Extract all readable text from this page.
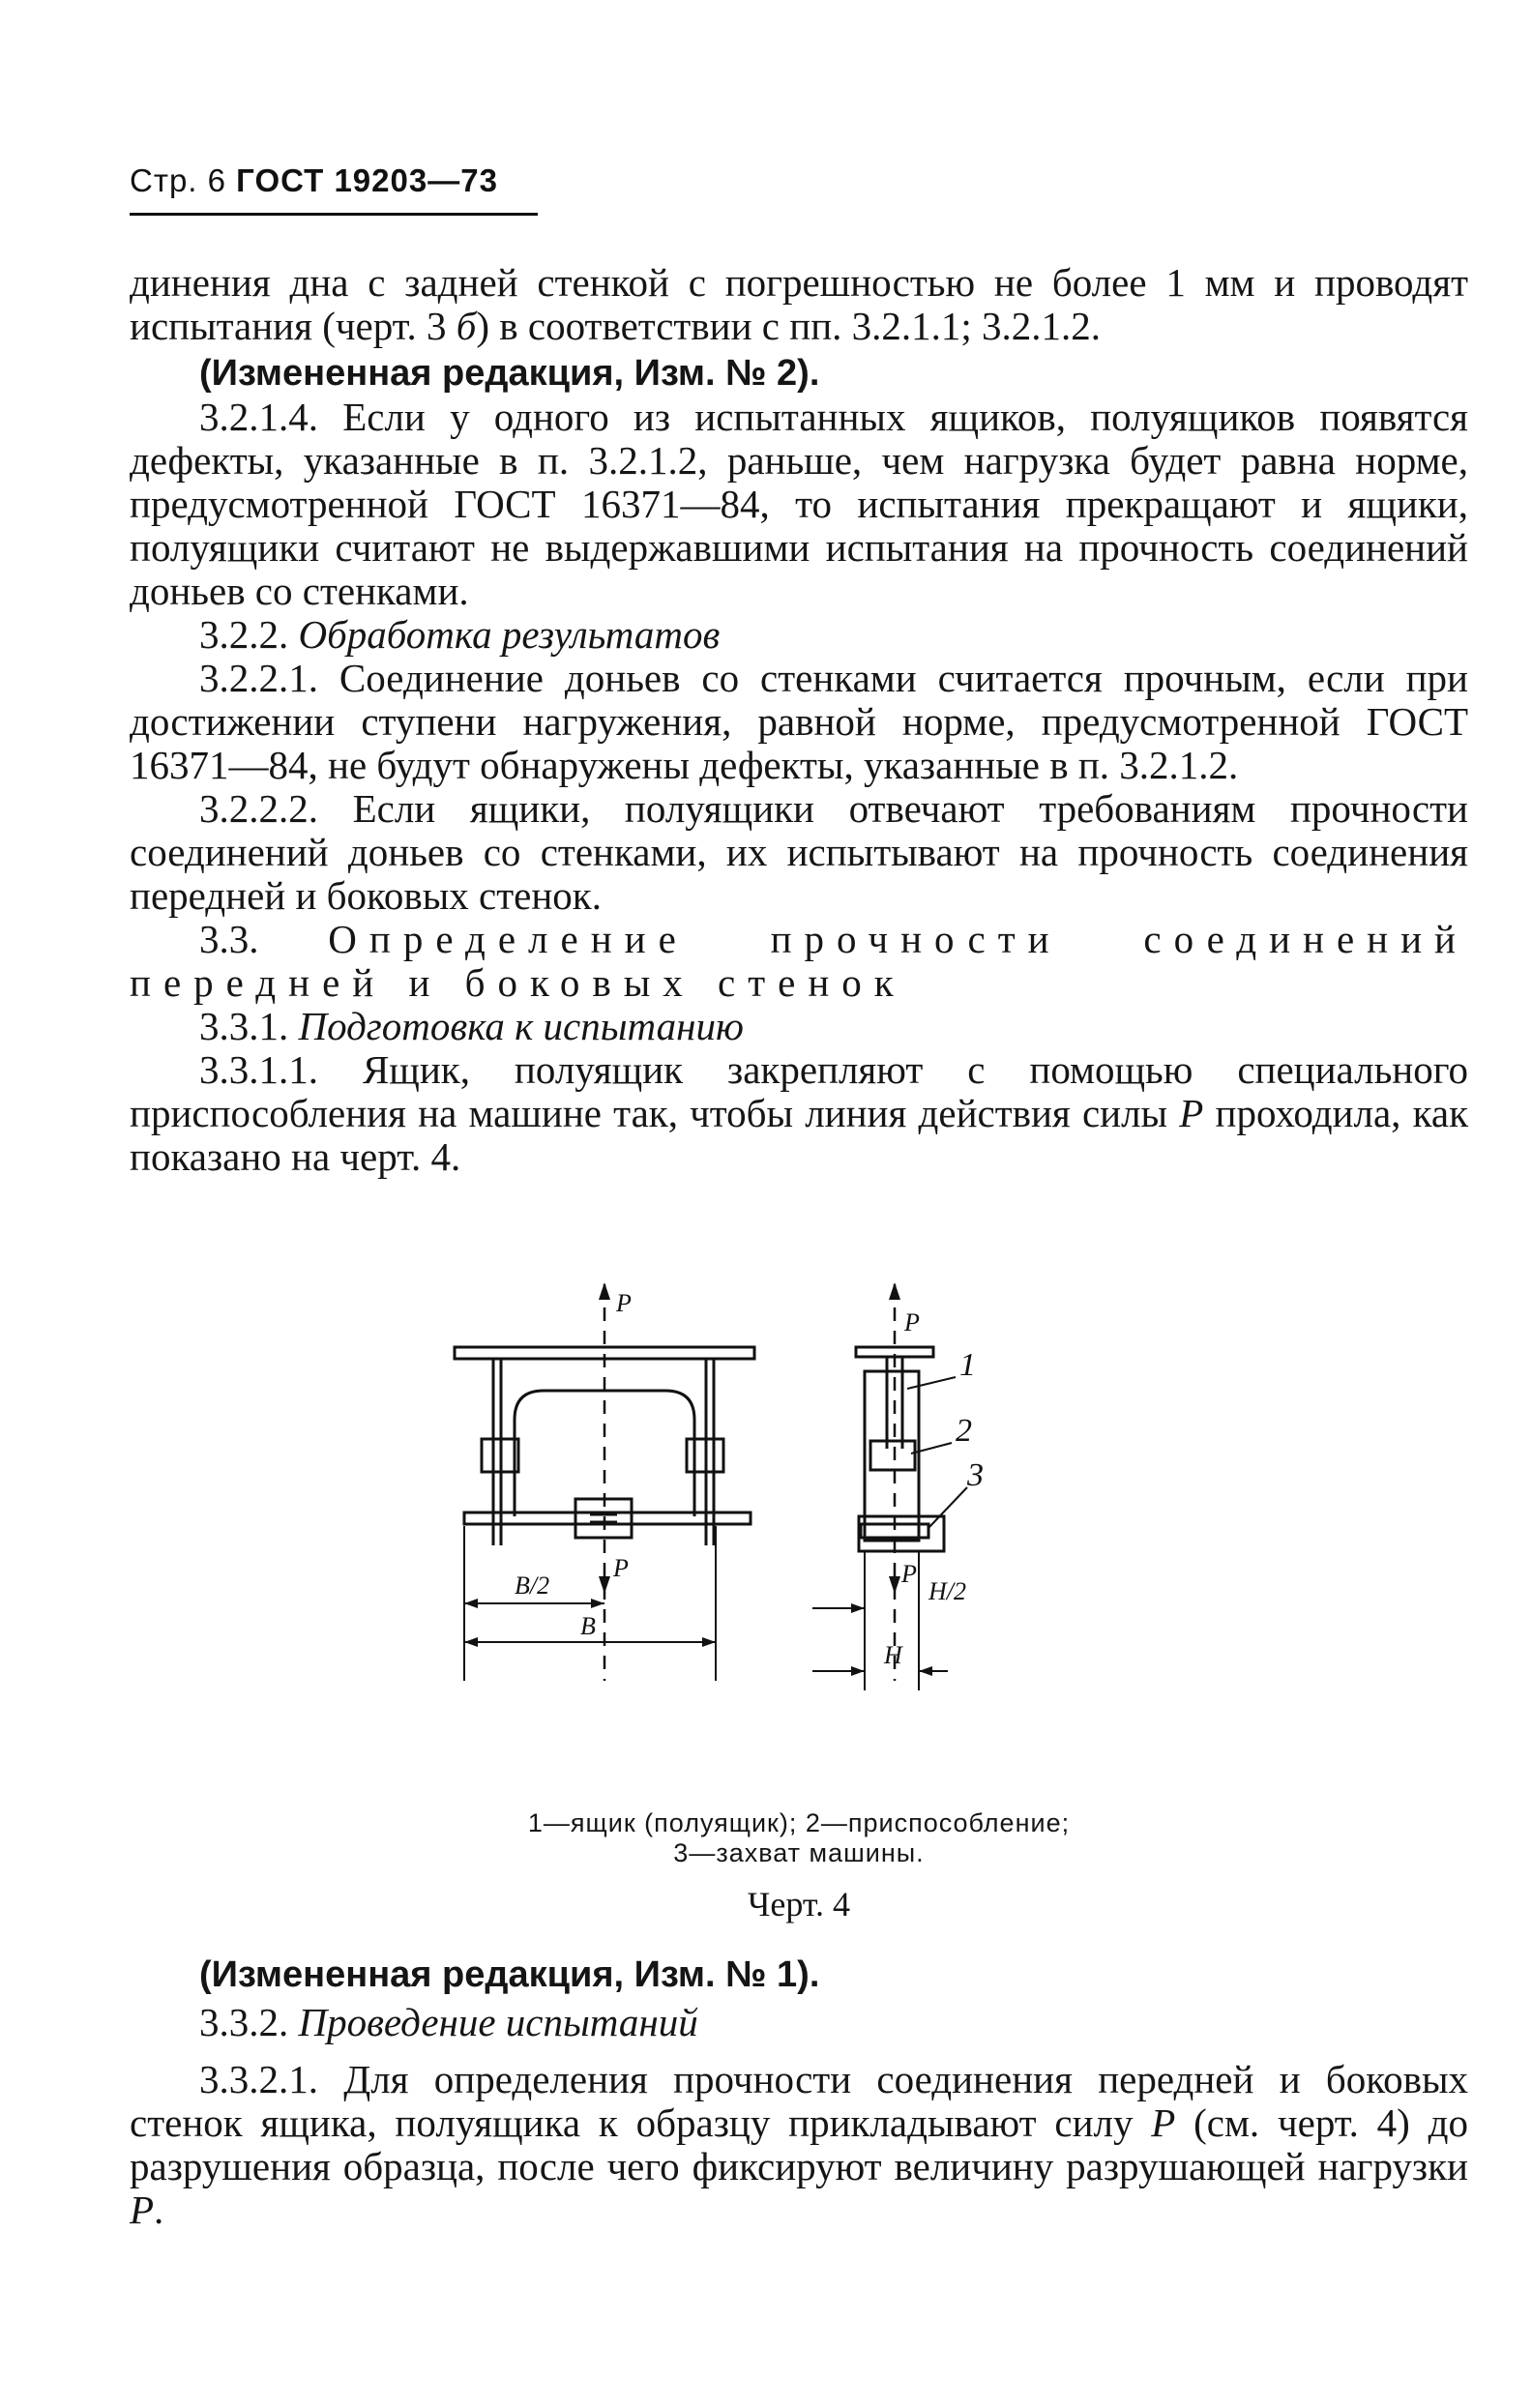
Стр. 6 ГОСТ 19203—73

динения дна с задней стенкой с погрешностью не более 1 мм и проводят испытания (черт. 3 б) в соответствии с пп. 3.2.1.1; 3.2.1.2.

(Измененная редакция, Изм. № 2).

3.2.1.4. Если у одного из испытанных ящиков, полуящиков появятся дефекты, указанные в п. 3.2.1.2, раньше, чем нагрузка будет равна норме, предусмотренной ГОСТ 16371—84, то испытания прекращают и ящики, полуящики считают не выдержавшими испытания на прочность соединений доньев со стенками.

3.2.2. Обработка результатов

3.2.2.1. Соединение доньев со стенками считается прочным, если при достижении ступени нагружения, равной норме, предусмотренной ГОСТ 16371—84, не будут обнаружены дефекты, указанные в п. 3.2.1.2.

3.2.2.2. Если ящики, полуящики отвечают требованиям прочности соединений доньев со стенками, их испытывают на прочность соединения передней и боковых стенок.

3.3. Определение прочности соединений передней и боковых стенок

3.3.1. Подготовка к испытанию

3.3.1.1. Ящик, полуящик закрепляют с помощью специального приспособления на машине так, чтобы линия действия силы P проходила, как показано на черт. 4.

P
P
B/2
B
P
P
H/2
H
1
2
3
1—ящик (полуящик); 2—приспособление;
3—захват машины.
Черт. 4

(Измененная редакция, Изм. № 1).

3.3.2. Проведение испытаний

3.3.2.1. Для определения прочности соединения передней и боковых стенок ящика, полуящика к образцу прикладывают силу P (см. черт. 4) до разрушения образца, после чего фиксируют величину разрушающей нагрузки P.
